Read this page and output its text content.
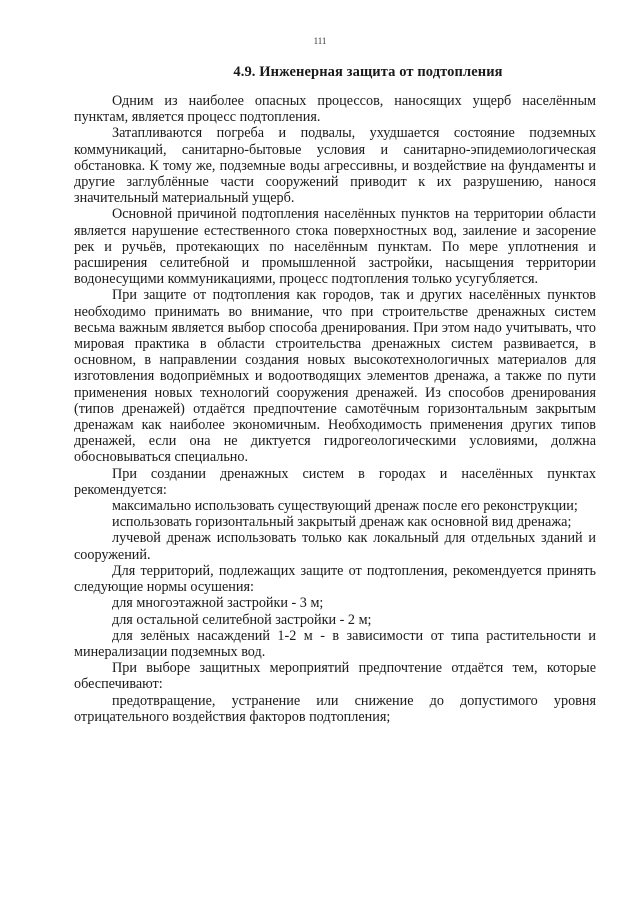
111
4.9. Инженерная защита от подтопления

Одним из наиболее опасных процессов, наносящих ущерб населённым пунктам, является процесс подтопления.

Затапливаются погреба и подвалы, ухудшается состояние подземных коммуникаций, санитарно-бытовые условия и санитарно-эпидемиологическая обстановка. К тому же, подземные воды агрессивны, и воздействие на фундаменты и другие заглублённые части сооружений приводит к их разрушению, нанося значительный материальный ущерб.

Основной причиной подтопления населённых пунктов на территории области является нарушение естественного стока поверхностных вод, заиление и засорение рек и ручьёв, протекающих по населённым пунктам. По мере уплотнения и расширения селитебной и промышленной застройки, насыщения территории водонесущими коммуникациями, процесс подтопления только усугубляется.

При защите от подтопления как городов, так и других населённых пунктов необходимо принимать во внимание, что при строительстве дренажных систем весьма важным является выбор способа дренирования. При этом надо учитывать, что мировая практика в области строительства дренажных систем развивается, в основном, в направлении создания новых высокотехнологичных материалов для изготовления водоприёмных и водоотводящих элементов дренажа, а также по пути применения новых технологий сооружения дренажей. Из способов дренирования (типов дренажей) отдаётся предпочтение самотёчным горизонтальным закрытым дренажам как наиболее экономичным. Необходимость применения других типов дренажей, если она не диктуется гидрогеологическими условиями, должна обосновываться специально.

При создании дренажных систем в городах и населённых пунктах рекомендуется:

максимально использовать существующий дренаж после его реконструкции;

использовать горизонтальный закрытый дренаж как основной вид дренажа;

лучевой дренаж использовать только как локальный для отдельных зданий и сооружений.

Для территорий, подлежащих защите от подтопления, рекомендуется принять следующие нормы осушения:

для многоэтажной застройки - 3 м;

для остальной селитебной застройки - 2 м;

для зелёных насаждений 1-2 м - в зависимости от типа растительности и минерализации подземных вод.

При выборе защитных мероприятий предпочтение отдаётся тем, которые обеспечивают:

предотвращение, устранение или снижение до допустимого уровня отрицательного воздействия факторов подтопления;
